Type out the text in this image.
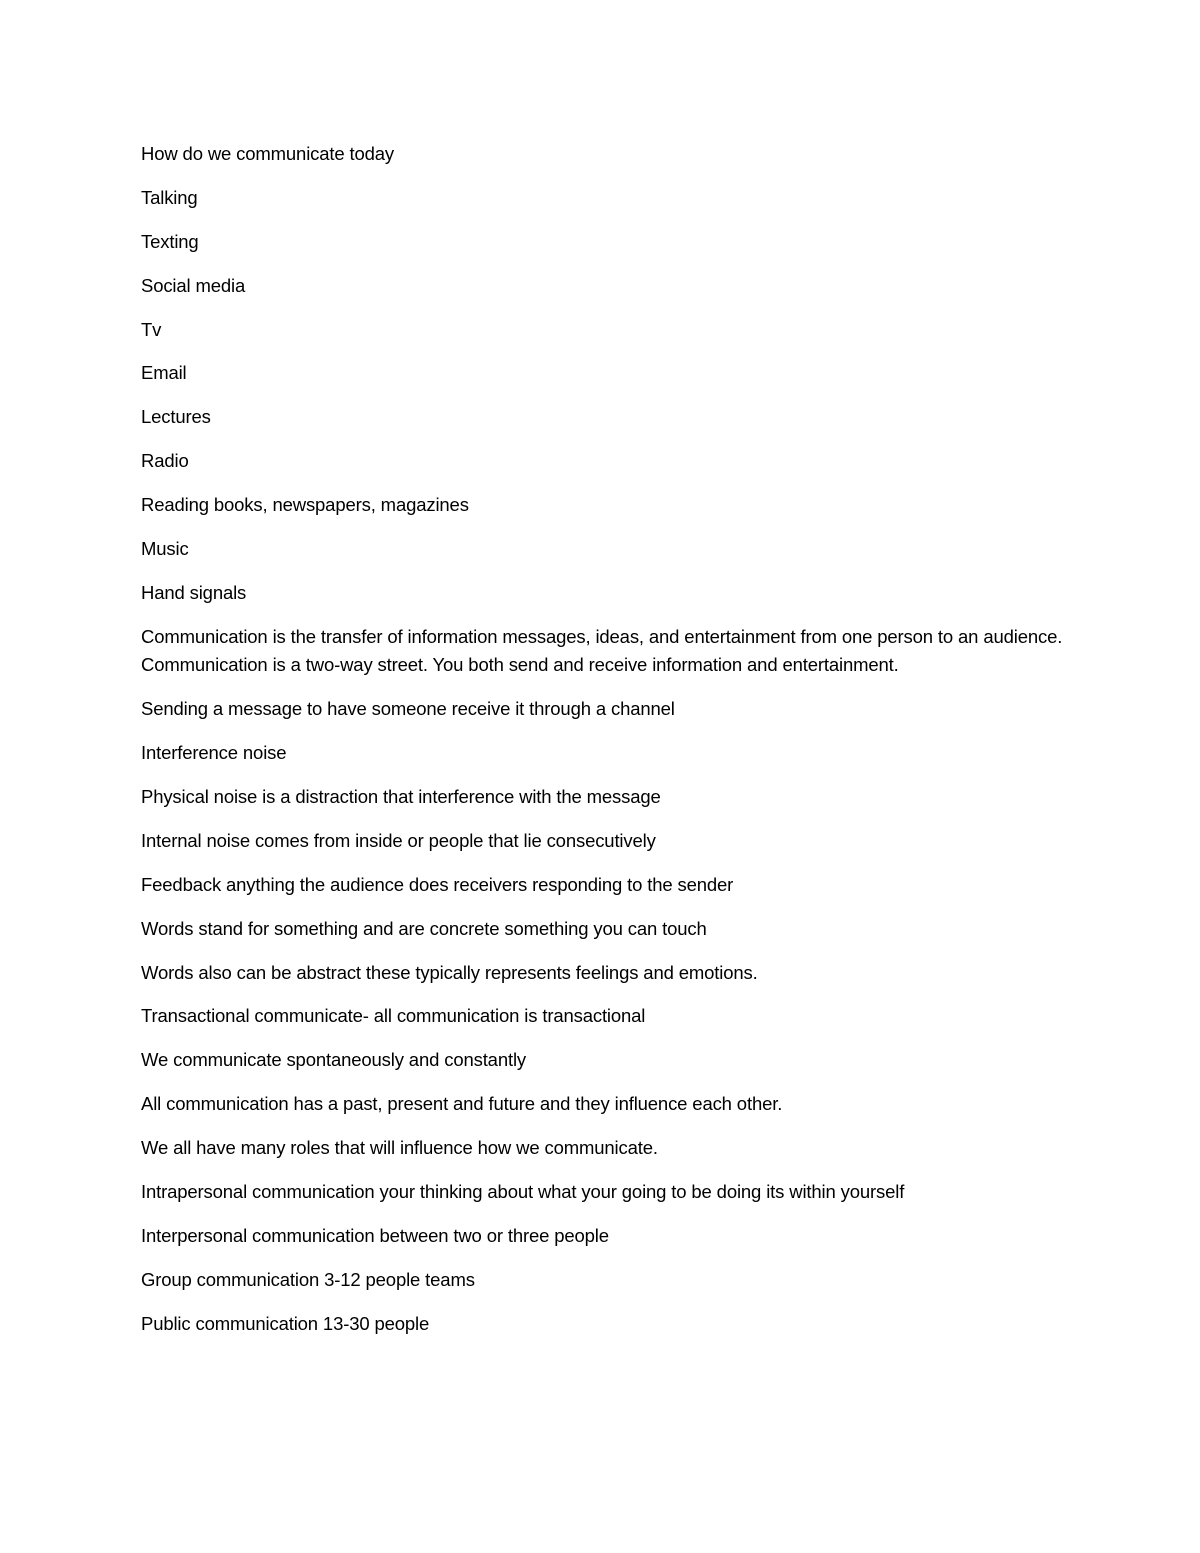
How do we communicate today

Talking

Texting

Social media

Tv

Email

Lectures

Radio

Reading books, newspapers, magazines

Music

Hand signals

Communication is the transfer of information messages, ideas, and entertainment from one person to an audience. Communication is a two-way street. You both send and receive information and entertainment.

Sending a message to have someone receive it through a channel

Interference noise

Physical noise is a distraction that interference with the message

Internal noise comes from inside or people that lie consecutively

Feedback anything the audience does receivers responding to the sender

Words stand for something and are concrete something you can touch

Words also can be abstract these typically represents feelings and emotions.

Transactional communicate- all communication is transactional

We communicate spontaneously and constantly

All communication has a past, present and future and they influence each other.

We all have many roles that will influence how we communicate.

Intrapersonal communication your thinking about what your going to be doing its within yourself

Interpersonal communication between two or three people

Group communication 3-12 people teams

Public communication 13-30 people
